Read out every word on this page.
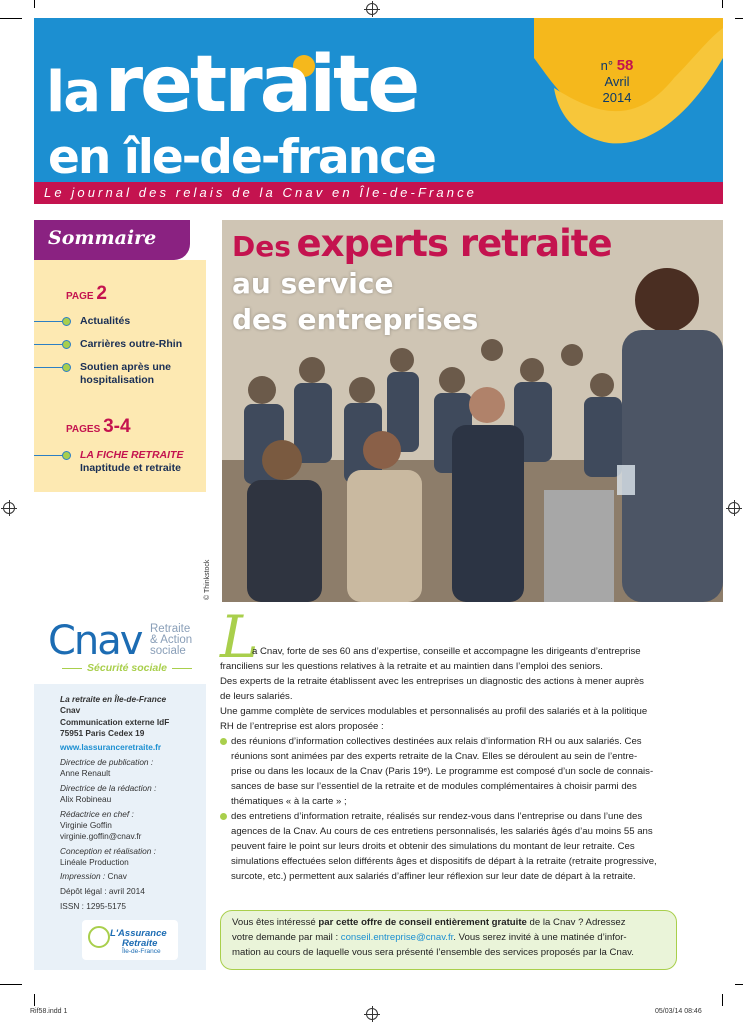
la retraite
en île-de-france
n° 58
Avril
2014
Le journal des relais de la Cnav en Île-de-France
Sommaire
PAGE 2
Actualités
Carrières outre-Rhin
Soutien après une
hospitalisation
PAGES 3-4
LA FICHE RETRAITE
Inaptitude et retraite
Des experts retraite
au service
des entreprises
© Thinkstock
Cnav Retraite
& Action
sociale
Sécurité sociale
La retraite en Île-de-France
Cnav
Communication externe IdF
75951 Paris Cedex 19
www.lassuranceretraite.fr
Directrice de publication :
Anne Renault
Directrice de la rédaction :
Alix Robineau
Rédactrice en chef :
Virginie Goffin
virginie.goffin@cnav.fr
Conception et réalisation :
Linéale Production
Impression : Cnav
Dépôt légal : avril 2014
ISSN : 1295-5175
L'Assurance
Retraite
Île-de-France
L
a Cnav, forte de ses 60 ans d’expertise, conseille et accompagne les dirigeants d’entreprise
franciliens sur les questions relatives à la retraite et au maintien dans l’emploi des seniors.
Des experts de la retraite établissent avec les entreprises un diagnostic des actions à mener auprès
de leurs salariés.
Une gamme complète de services modulables et personnalisés au profil des salariés et à la politique
RH de l’entreprise est alors proposée :
des réunions d’information collectives destinées aux relais d’information RH ou aux salariés. Ces
réunions sont animées par des experts retraite de la Cnav. Elles se déroulent au sein de l’entre-
prise ou dans les locaux de la Cnav (Paris 19ᵉ). Le programme est composé d’un socle de connais-
sances de base sur l’essentiel de la retraite et de modules complémentaires à choisir parmi des
thématiques « à la carte » ;
des entretiens d’information retraite, réalisés sur rendez-vous dans l’entreprise ou dans l’une des
agences de la Cnav. Au cours de ces entretiens personnalisés, les salariés âgés d’au moins 55 ans
peuvent faire le point sur leurs droits et obtenir des simulations du montant de leur retraite. Ces
simulations effectuées selon différents âges et dispositifs de départ à la retraite (retraite progressive,
surcote, etc.) permettent aux salariés d’affiner leur réflexion sur leur date de départ à la retraite.
Vous êtes intéressé par cette offre de conseil entièrement gratuite de la Cnav ? Adressez
votre demande par mail : conseil.entreprise@cnav.fr. Vous serez invité à une matinée d’infor-
mation au cours de laquelle vous sera présenté l’ensemble des services proposés par la Cnav.
Rif58.indd 1	05/03/14 08:46
